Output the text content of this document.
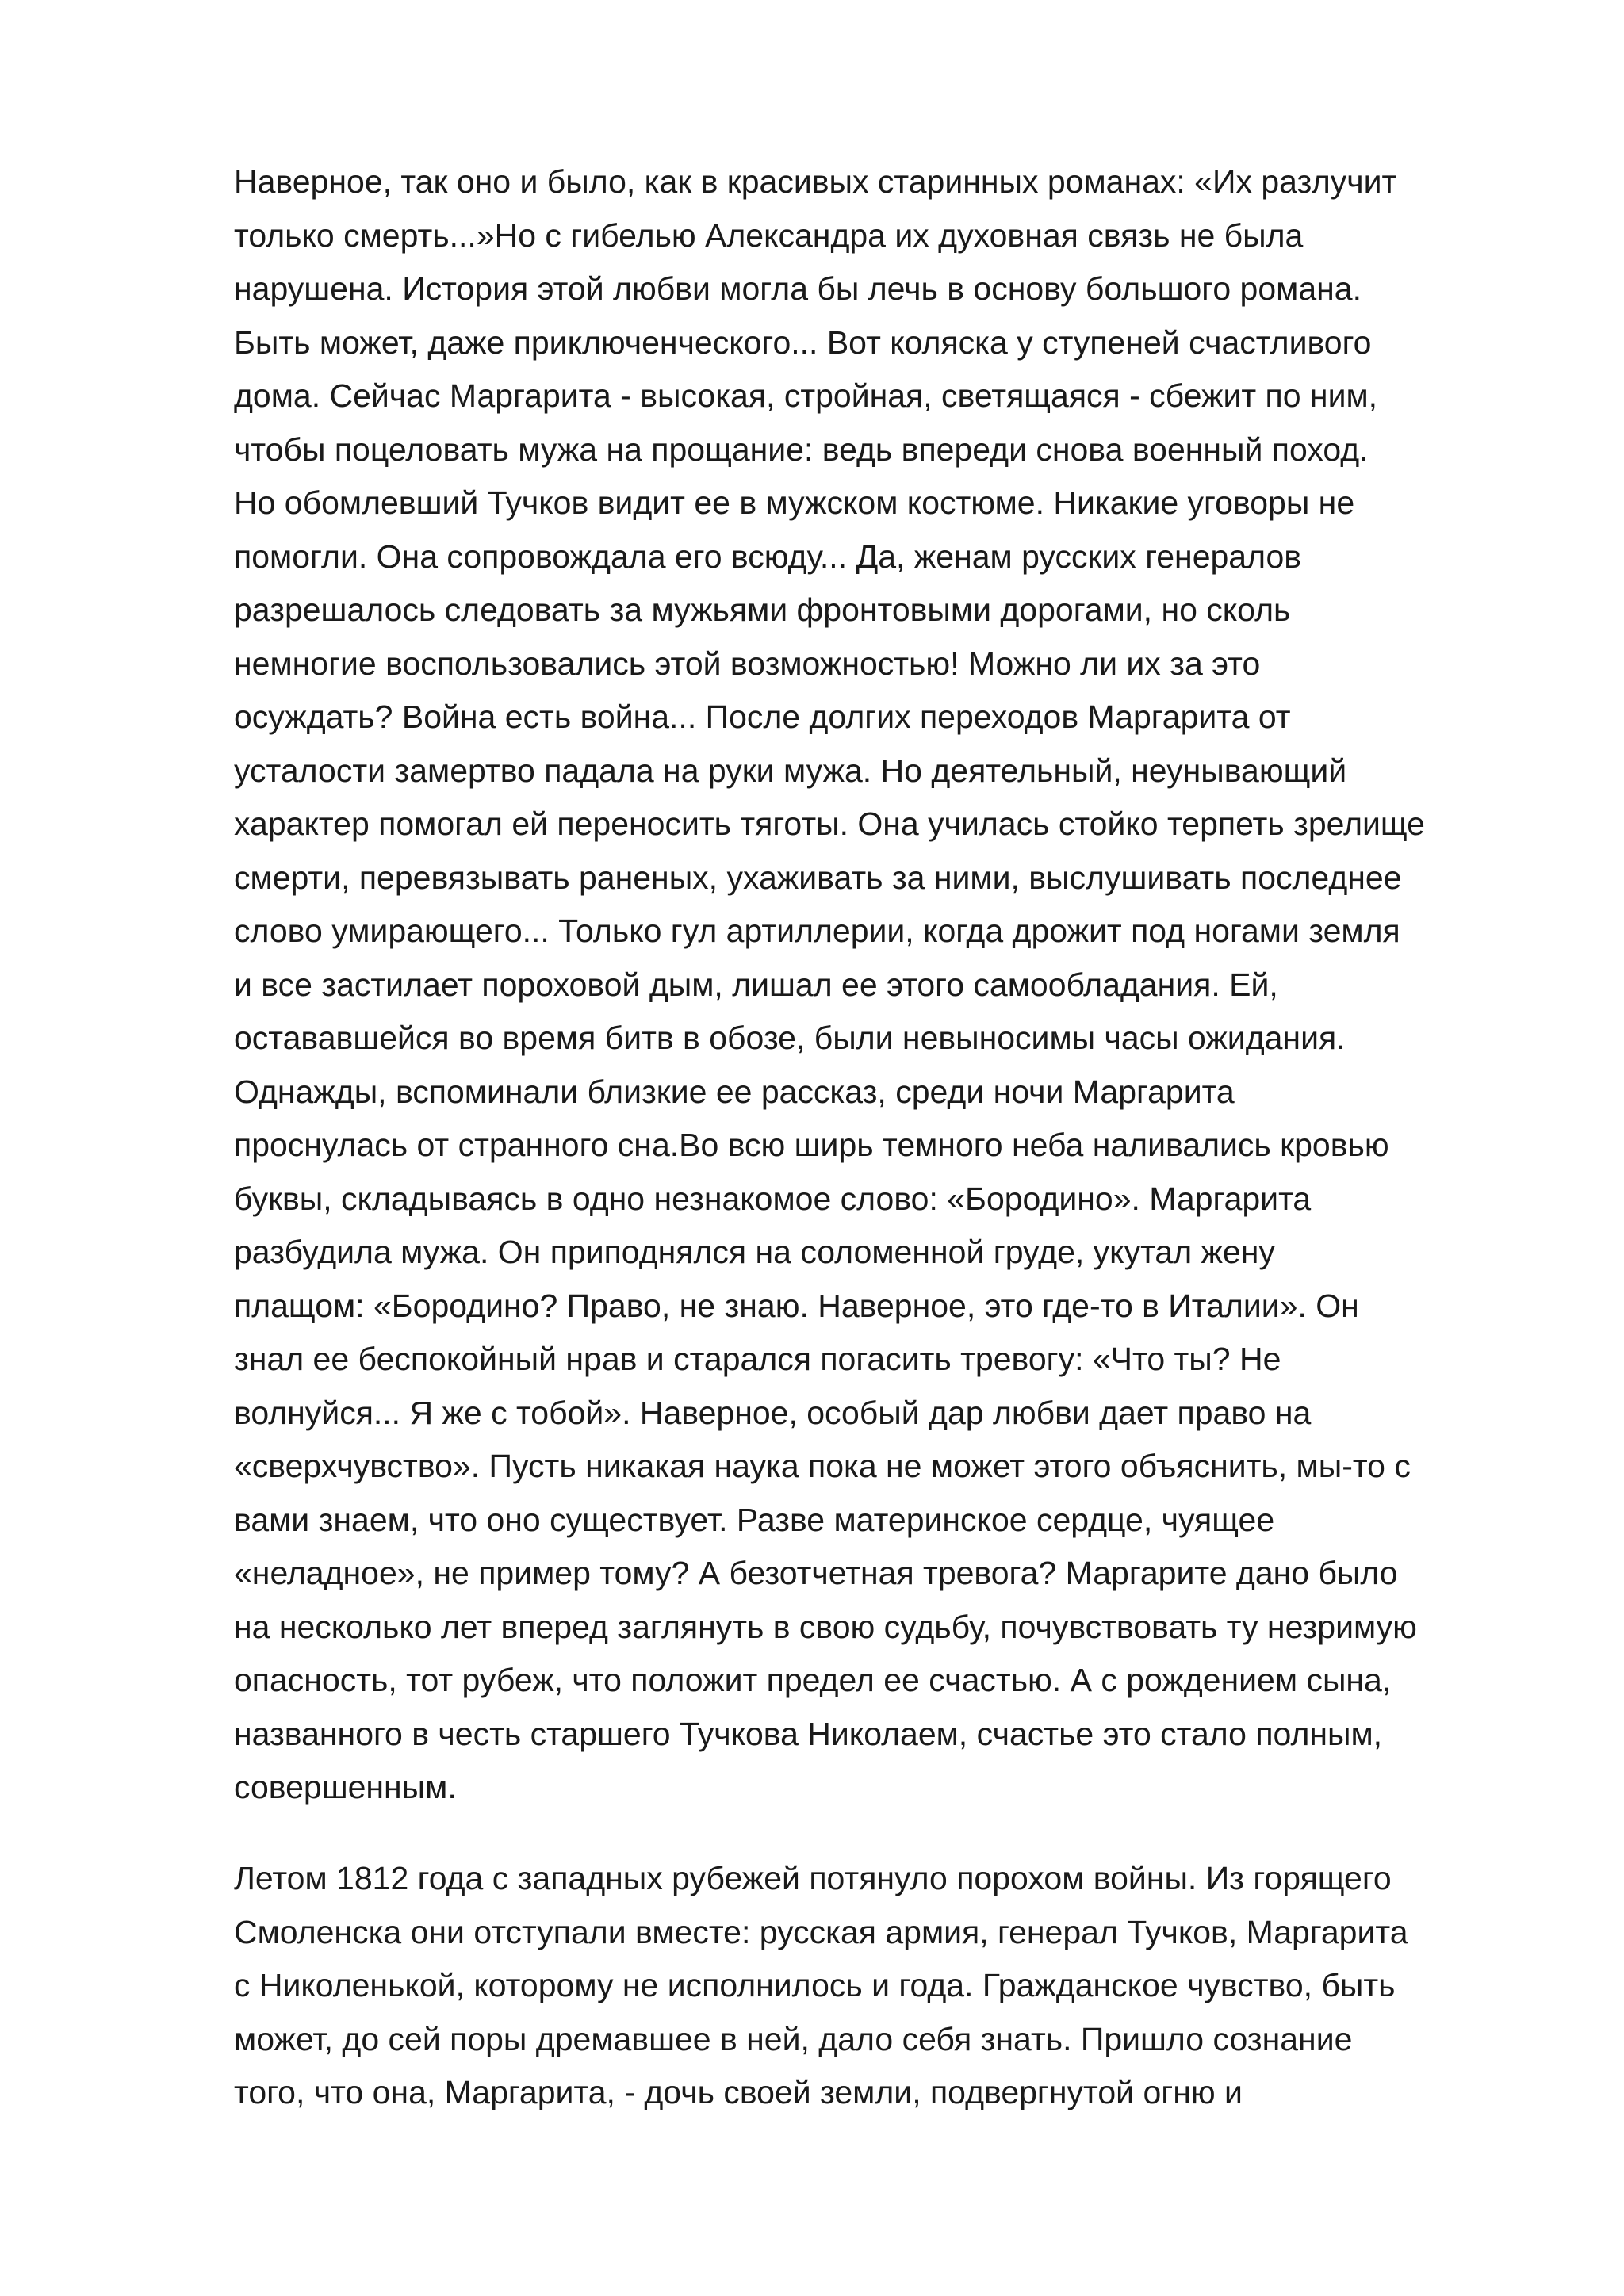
Наверное, так оно и было, как в красивых старинных романах: «Их разлучит
только смерть...»Но с гибелью Александра их духовная связь не была
нарушена. История этой любви могла бы лечь в основу большого романа.
Быть может, даже приключенческого... Вот коляска у ступеней счастливого
дома. Сейчас Маргарита - высокая, стройная, светящаяся - сбежит по ним,
чтобы поцеловать мужа на прощание: ведь впереди снова военный поход.
Но обомлевший Тучков видит ее в мужском костюме. Никакие уговоры не
помогли. Она сопровождала его всюду... Да, женам русских генералов
разрешалось следовать за мужьями фронтовыми дорогами, но сколь
немногие воспользовались этой возможностью! Можно ли их за это
осуждать? Война есть война... После долгих переходов Маргарита от
усталости замертво падала на руки мужа. Но деятельный, неунывающий
характер помогал ей переносить тяготы. Она училась стойко терпеть зрелище
смерти, перевязывать раненых, ухаживать за ними, выслушивать последнее
слово умирающего... Только гул артиллерии, когда дрожит под ногами земля
и все застилает пороховой дым, лишал ее этого самообладания. Ей,
остававшейся во время битв в обозе, были невыносимы часы ожидания.
Однажды, вспоминали близкие ее рассказ, среди ночи Маргарита
проснулась от странного сна.Во всю ширь темного неба наливались кровью
буквы, складываясь в одно незнакомое слово: «Бородино». Маргарита
разбудила мужа. Он приподнялся на соломенной груде, укутал жену
плащом: «Бородино? Право, не знаю. Наверное, это где-то в Италии». Он
знал ее беспокойный нрав и старался погасить тревогу: «Что ты? Не
волнуйся... Я же с тобой». Наверное, особый дар любви дает право на
«сверхчувство». Пусть никакая наука пока не может этого объяснить, мы-то с
вами знаем, что оно существует. Разве материнское сердце, чуящее
«неладное», не пример тому? А безотчетная тревога? Маргарите дано было
на несколько лет вперед заглянуть в свою судьбу, почувствовать ту незримую
опасность, тот рубеж, что положит предел ее счастью. А с рождением сына,
названного в честь старшего Тучкова Николаем, счастье это стало полным,
совершенным.
Летом 1812 года с западных рубежей потянуло порохом войны. Из горящего
Смоленска они отступали вместе: русская армия, генерал Тучков, Маргарита
с Николенькой, которому не исполнилось и года. Гражданское чувство, быть
может, до сей поры дремавшее в ней, дало себя знать. Пришло сознание
того, что она, Маргарита, - дочь своей земли, подвергнутой огню и
